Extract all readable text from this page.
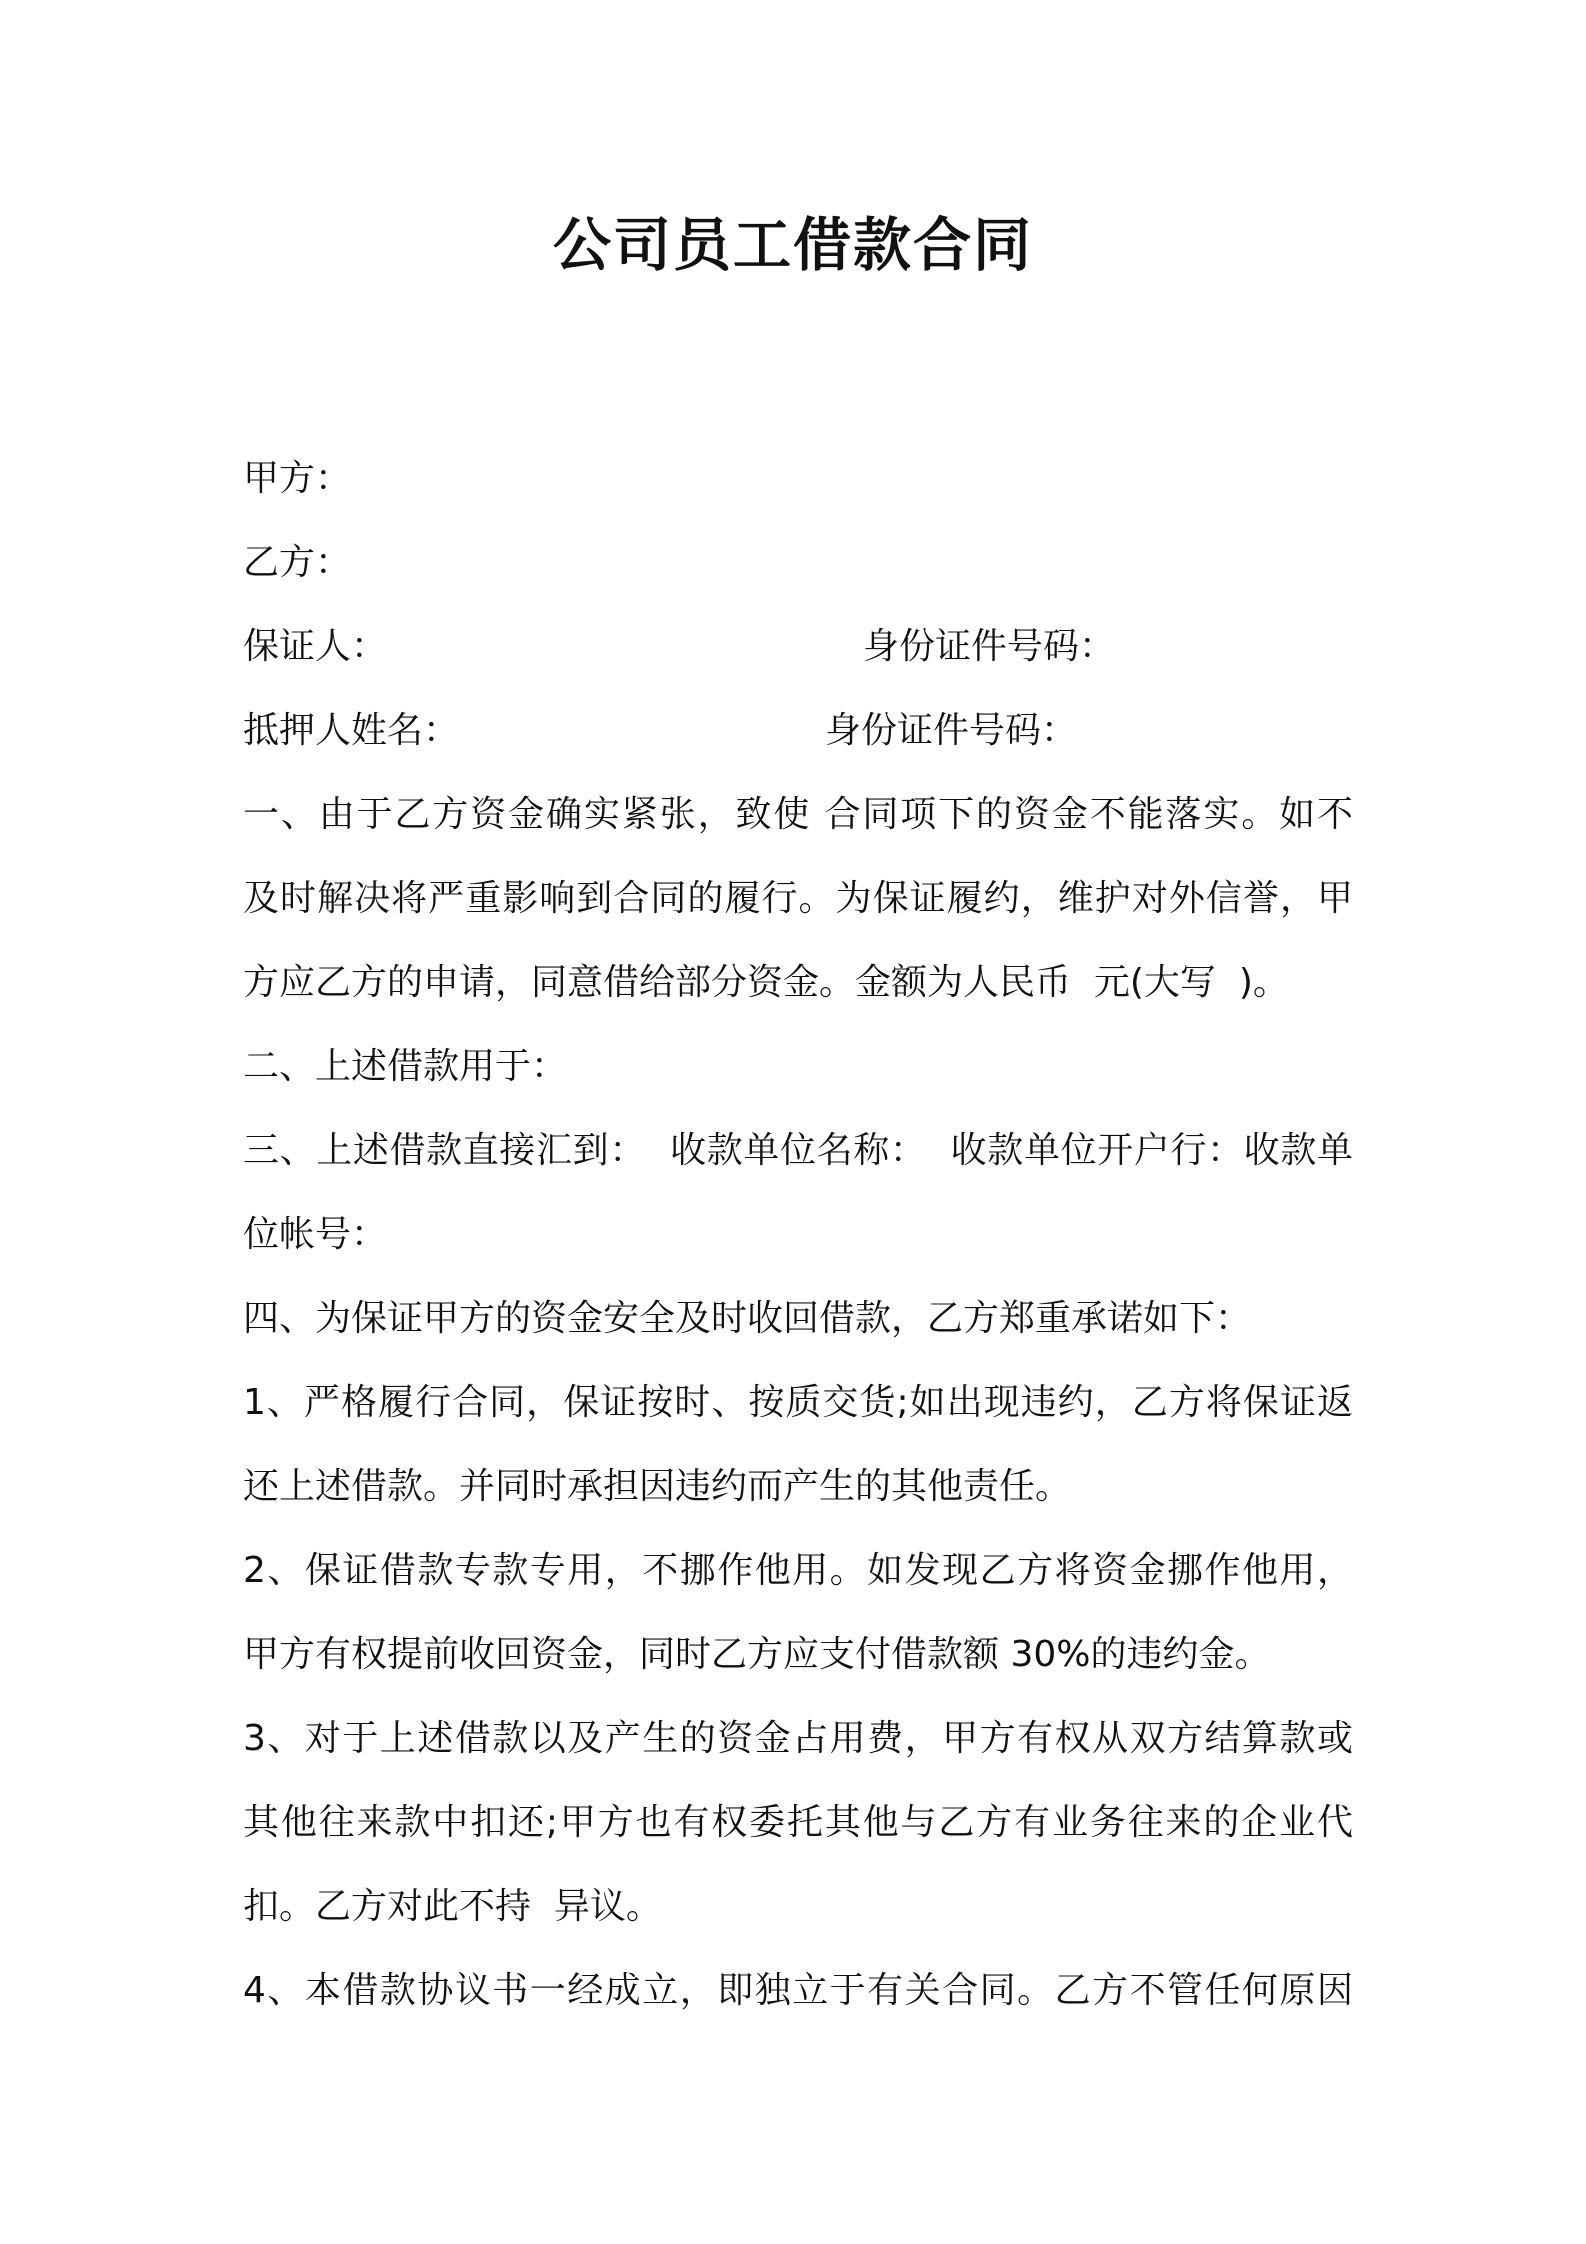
公司员工借款合同
甲方：
乙方：
保证人：	身份证件号码：
抵押人姓名：	身份证件号码：
一、由于乙方资金确实紧张，致使 合同项下的资金不能落实。如不
及时解决将严重影响到合同的履行。为保证履约，维护对外信誉，甲
方应乙方的申请，同意借给部分资金。金额为人民币  元(大写  )。
二、上述借款用于：
三、上述借款直接汇到：  收款单位名称：  收款单位开户行：收款单
位帐号：
四、为保证甲方的资金安全及时收回借款，乙方郑重承诺如下：
1、严格履行合同，保证按时、按质交货;如出现违约，乙方将保证返
还上述借款。并同时承担因违约而产生的其他责任。
2、保证借款专款专用，不挪作他用。如发现乙方将资金挪作他用，
甲方有权提前收回资金，同时乙方应支付借款额 30%的违约金。
3、对于上述借款以及产生的资金占用费，甲方有权从双方结算款或
其他往来款中扣还;甲方也有权委托其他与乙方有业务往来的企业代
扣。乙方对此不持  异议。
4、本借款协议书一经成立，即独立于有关合同。乙方不管任何原因
